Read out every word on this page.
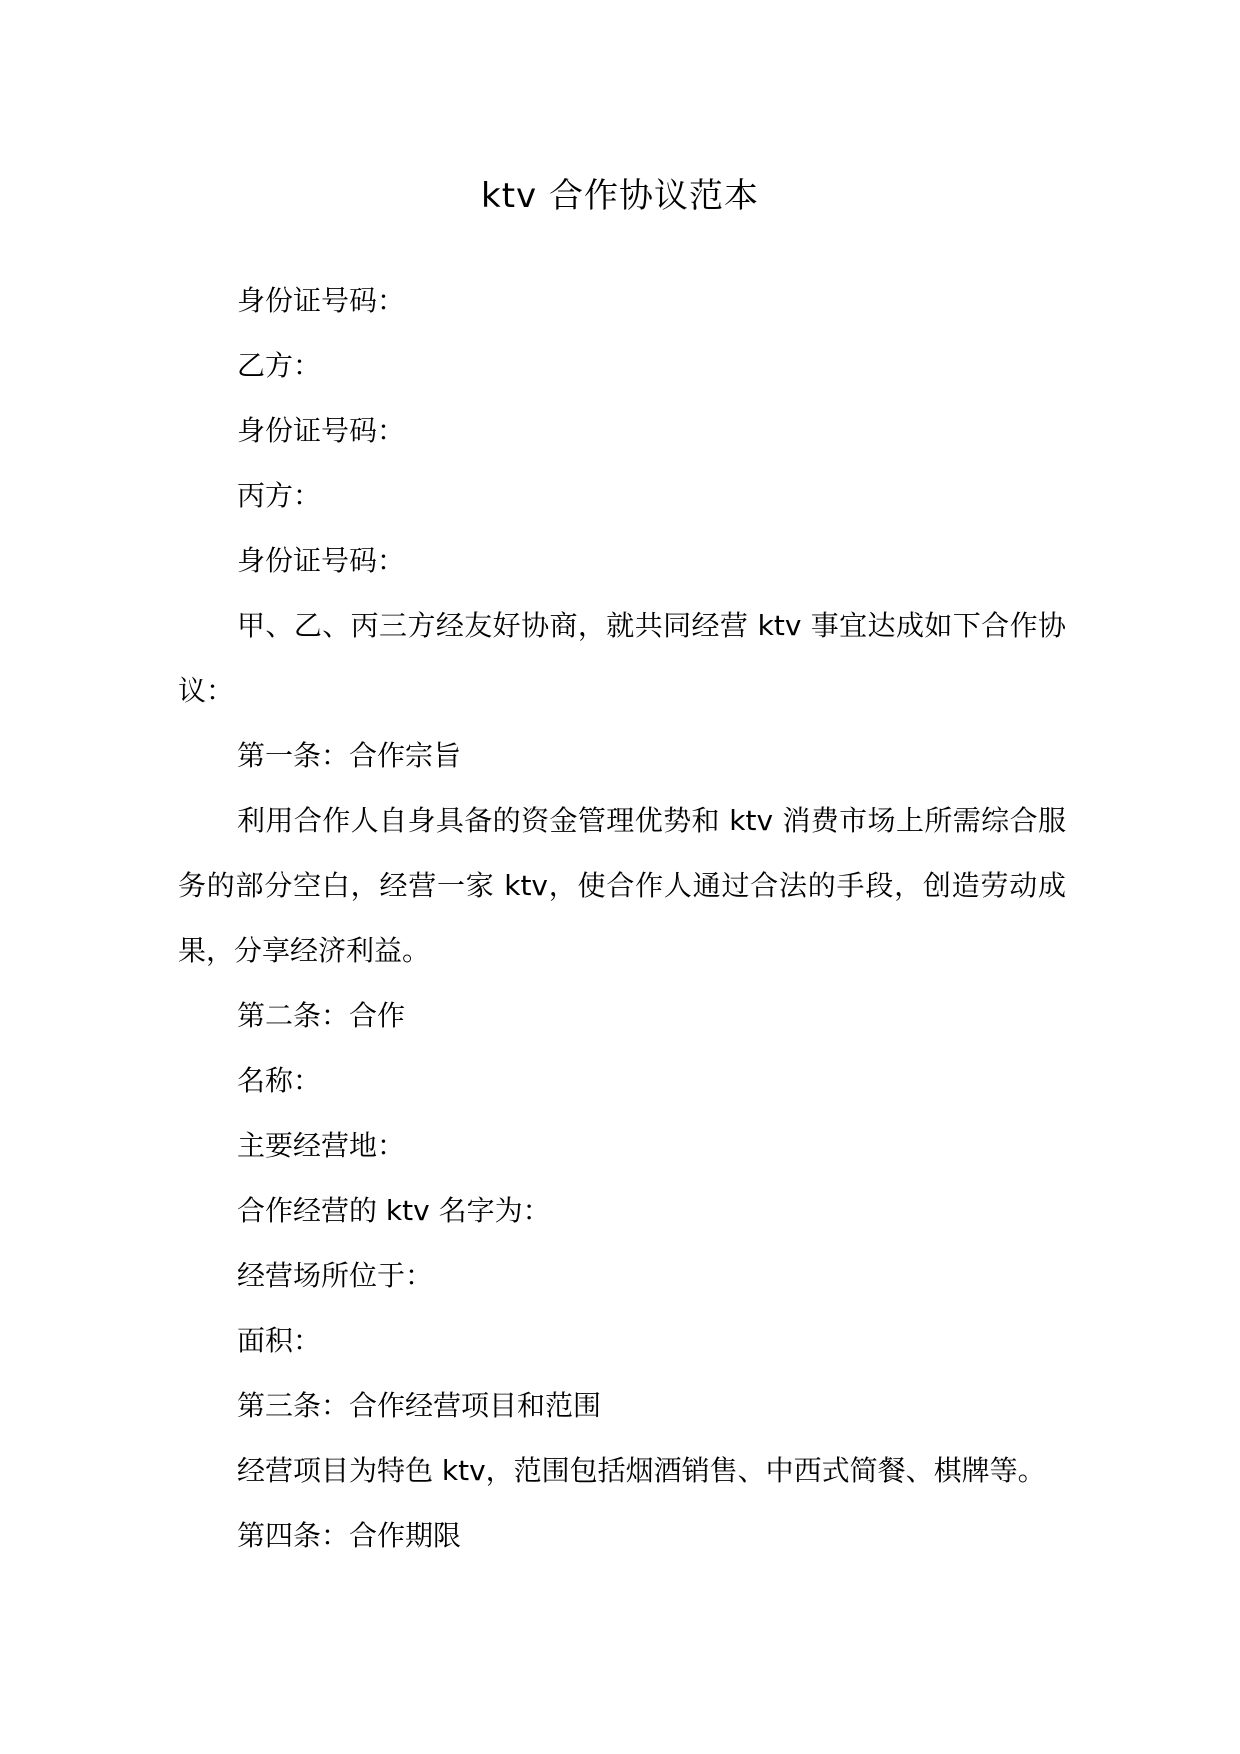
ktv 合作协议范本

身份证号码：

乙方：

身份证号码：

丙方：

身份证号码：

甲、乙、丙三方经友好协商，就共同经营 ktv 事宜达成如下合作协议：

第一条：合作宗旨

利用合作人自身具备的资金管理优势和 ktv 消费市场上所需综合服务的部分空白，经营一家 ktv，使合作人通过合法的手段，创造劳动成果，分享经济利益。

第二条：合作

名称：

主要经营地：

合作经营的 ktv 名字为：

经营场所位于：

面积：

第三条：合作经营项目和范围

经营项目为特色 ktv，范围包括烟酒销售、中西式简餐、棋牌等。

第四条：合作期限
